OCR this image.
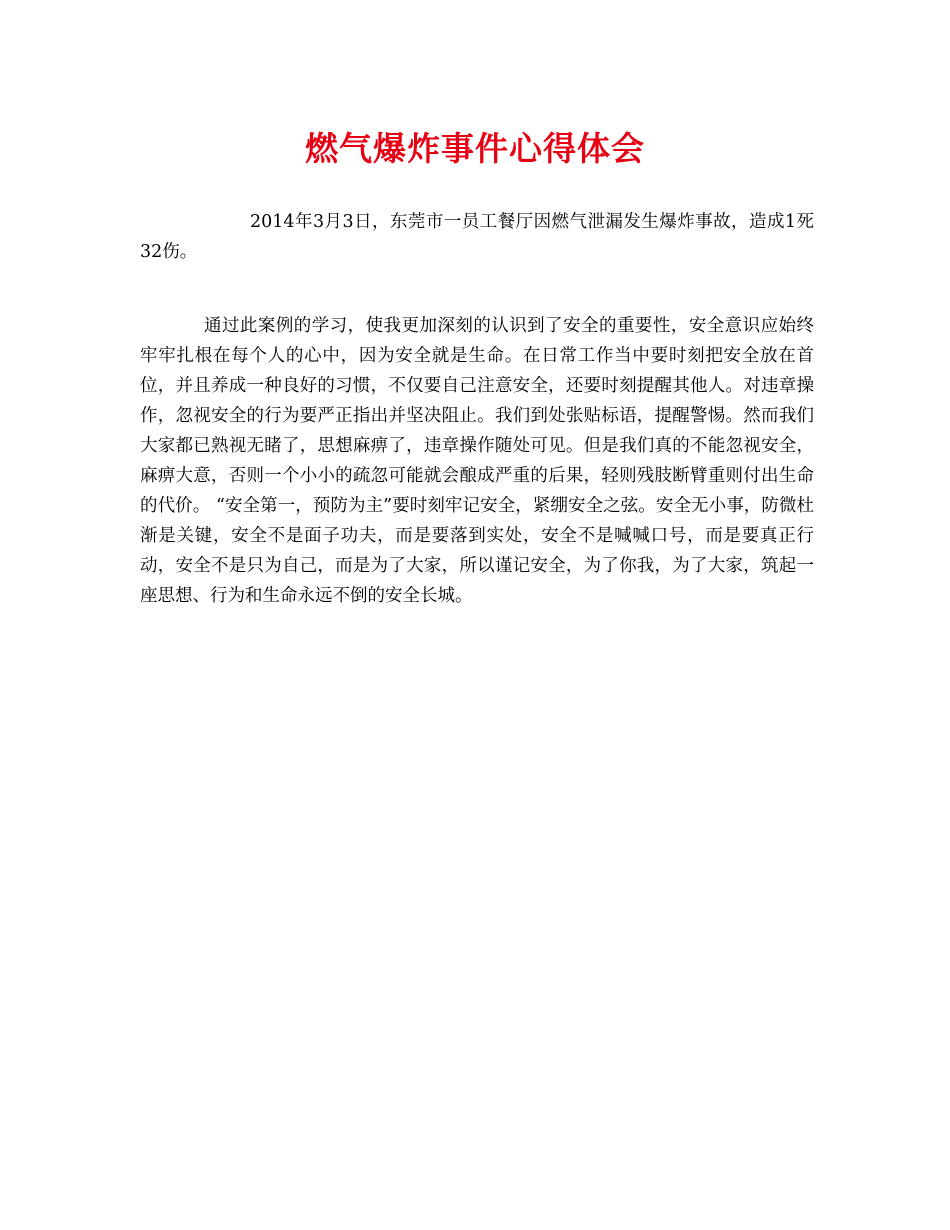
燃气爆炸事件心得体会

2014年3月3日，东莞市一员工餐厅因燃气泄漏发生爆炸事故，造成1死32伤。

通过此案例的学习，使我更加深刻的认识到了安全的重要性，安全意识应始终牢牢扎根在每个人的心中，因为安全就是生命。在日常工作当中要时刻把安全放在首位，并且养成一种良好的习惯，不仅要自己注意安全，还要时刻提醒其他人。对违章操作，忽视安全的行为要严正指出并坚决阻止。我们到处张贴标语，提醒警惕。然而我们大家都已熟视无睹了，思想麻痹了，违章操作随处可见。但是我们真的不能忽视安全，麻痹大意，否则一个小小的疏忽可能就会酿成严重的后果，轻则残肢断臂重则付出生命的代价。 “安全第一，预防为主”要时刻牢记安全，紧绷安全之弦。安全无小事，防微杜渐是关键，安全不是面子功夫，而是要落到实处，安全不是喊喊口号，而是要真正行动，安全不是只为自己，而是为了大家，所以谨记安全，为了你我，为了大家，筑起一座思想、行为和生命永远不倒的安全长城。
